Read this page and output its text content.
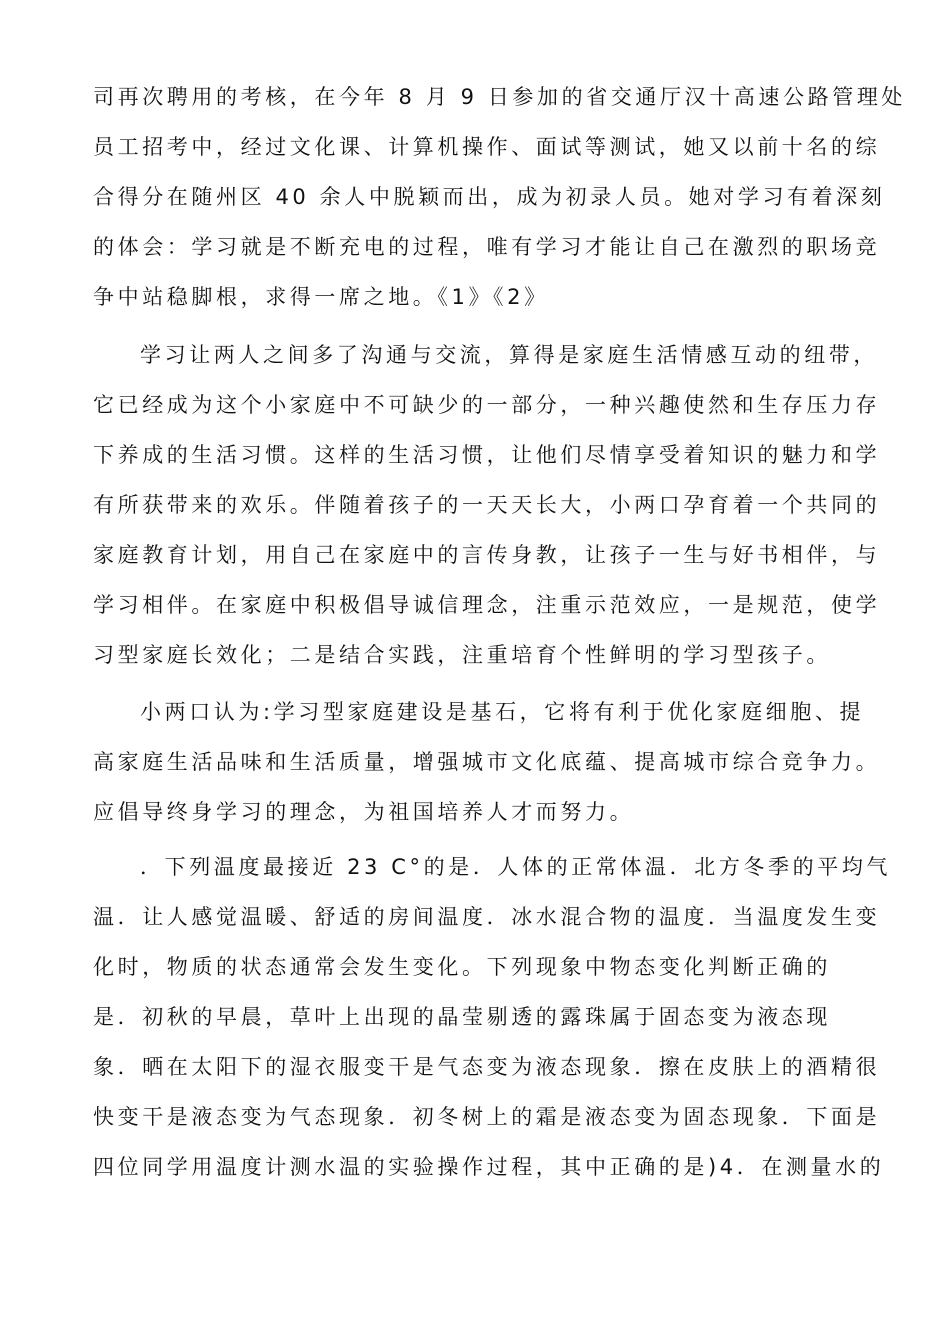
司再次聘用的考核，在今年 8 月 9 日参加的省交通厅汉十高速公路管理处
员工招考中，经过文化课、计算机操作、面试等测试，她又以前十名的综
合得分在随州区 40 余人中脱颖而出，成为初录人员。她对学习有着深刻
的体会：学习就是不断充电的过程，唯有学习才能让自己在激烈的职场竞
争中站稳脚根，求得一席之地。《1》《2》
学习让两人之间多了沟通与交流，算得是家庭生活情感互动的纽带，
它已经成为这个小家庭中不可缺少的一部分，一种兴趣使然和生存压力存
下养成的生活习惯。这样的生活习惯，让他们尽情享受着知识的魅力和学
有所获带来的欢乐。伴随着孩子的一天天长大，小两口孕育着一个共同的
家庭教育计划，用自己在家庭中的言传身教，让孩子一生与好书相伴，与
学习相伴。在家庭中积极倡导诚信理念，注重示范效应，一是规范，使学
习型家庭长效化；二是结合实践，注重培育个性鲜明的学习型孩子。
小两口认为:学习型家庭建设是基石，它将有利于优化家庭细胞、提
高家庭生活品味和生活质量，增强城市文化底蕴、提高城市综合竞争力。
应倡导终身学习的理念，为祖国培养人才而努力。
．下列温度最接近 23 C°的是．人体的正常体温．北方冬季的平均气
温．让人感觉温暖、舒适的房间温度．冰水混合物的温度．当温度发生变
化时，物质的状态通常会发生变化。下列现象中物态变化判断正确的
是．初秋的早晨，草叶上出现的晶莹剔透的露珠属于固态变为液态现
象．晒在太阳下的湿衣服变干是气态变为液态现象．擦在皮肤上的酒精很
快变干是液态变为气态现象．初冬树上的霜是液态变为固态现象．下面是
四位同学用温度计测水温的实验操作过程，其中正确的是)4．在测量水的
